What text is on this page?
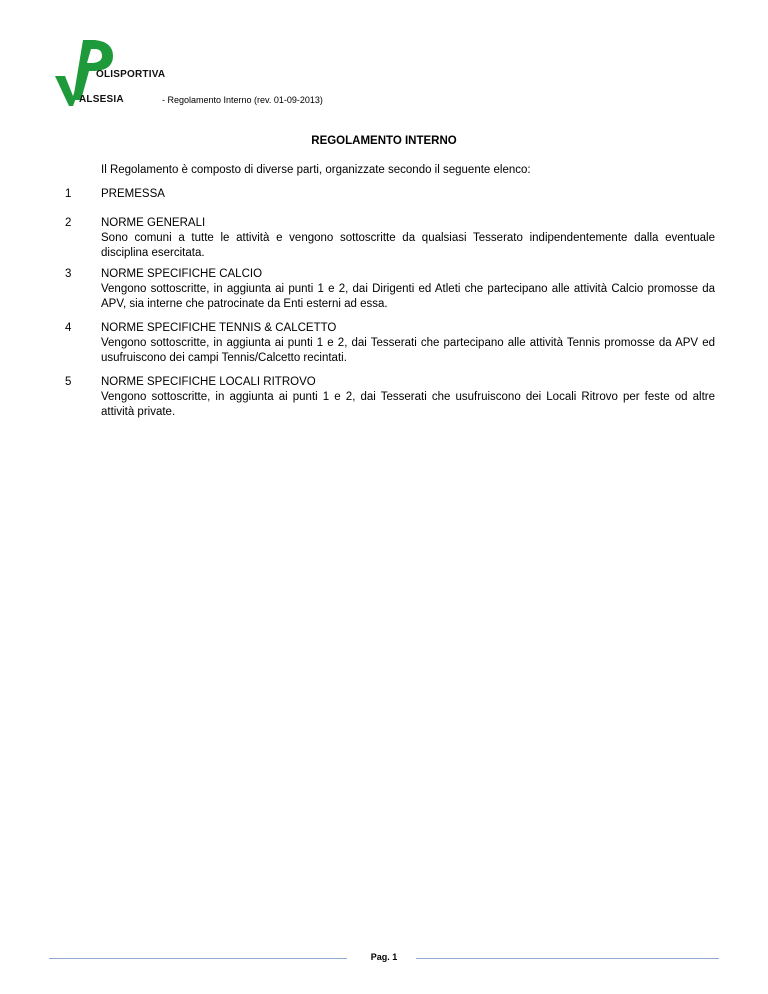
OLISPORTIVA
ALSESIA	- Regolamento Interno (rev. 01-09-2013)
REGOLAMENTO INTERNO
Il Regolamento è composto di diverse parti, organizzate secondo il seguente elenco:
1	PREMESSA
2	NORME GENERALI
Sono comuni a tutte le attività e vengono sottoscritte da qualsiasi Tesserato indipendentemente dalla eventuale disciplina esercitata.
3	NORME SPECIFICHE CALCIO
Vengono sottoscritte, in aggiunta ai punti 1 e 2, dai Dirigenti ed Atleti che partecipano alle attività Calcio promosse da APV, sia interne che patrocinate da Enti esterni ad essa.
4	NORME SPECIFICHE TENNIS & CALCETTO
Vengono sottoscritte, in aggiunta ai punti 1 e 2, dai Tesserati che partecipano alle attività Tennis promosse da APV ed usufruiscono dei campi Tennis/Calcetto recintati.
5	NORME SPECIFICHE LOCALI RITROVO
Vengono sottoscritte, in aggiunta ai punti 1 e 2, dai Tesserati che usufruiscono dei Locali Ritrovo per feste od altre attività private.
Pag. 1
